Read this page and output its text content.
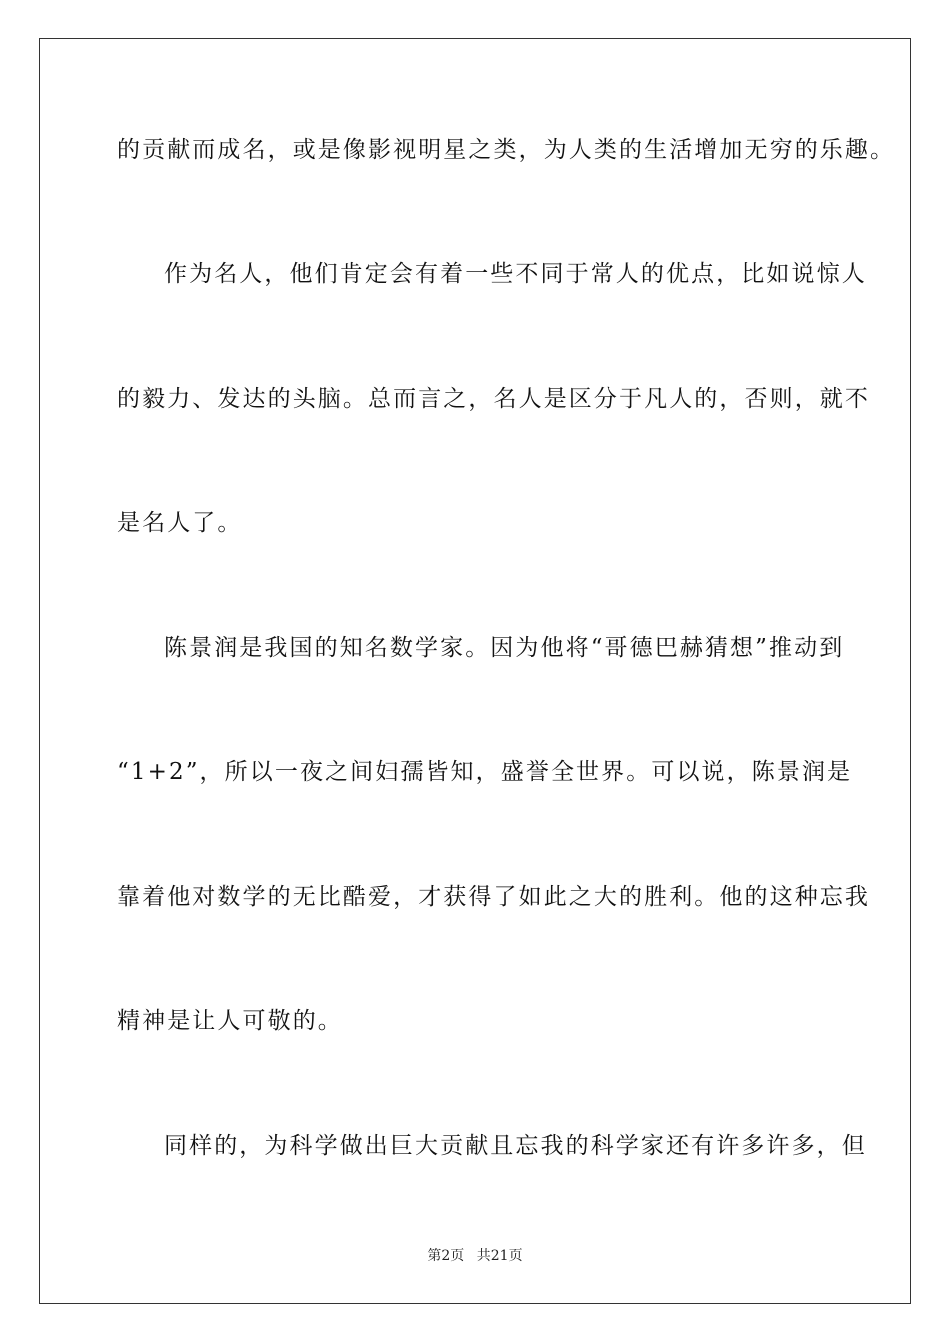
的贡献而成名，或是像影视明星之类，为人类的生活增加无穷的乐趣。
作为名人，他们肯定会有着一些不同于常人的优点，比如说惊人
的毅力、发达的头脑。总而言之，名人是区分于凡人的，否则，就不
是名人了。
陈景润是我国的知名数学家。因为他将“哥德巴赫猜想”推动到
“1+2”，所以一夜之间妇孺皆知，盛誉全世界。可以说，陈景润是
靠着他对数学的无比酷爱，才获得了如此之大的胜利。他的这种忘我
精神是让人可敬的。
同样的，为科学做出巨大贡献且忘我的科学家还有许多许多，但
第2页 共21页
